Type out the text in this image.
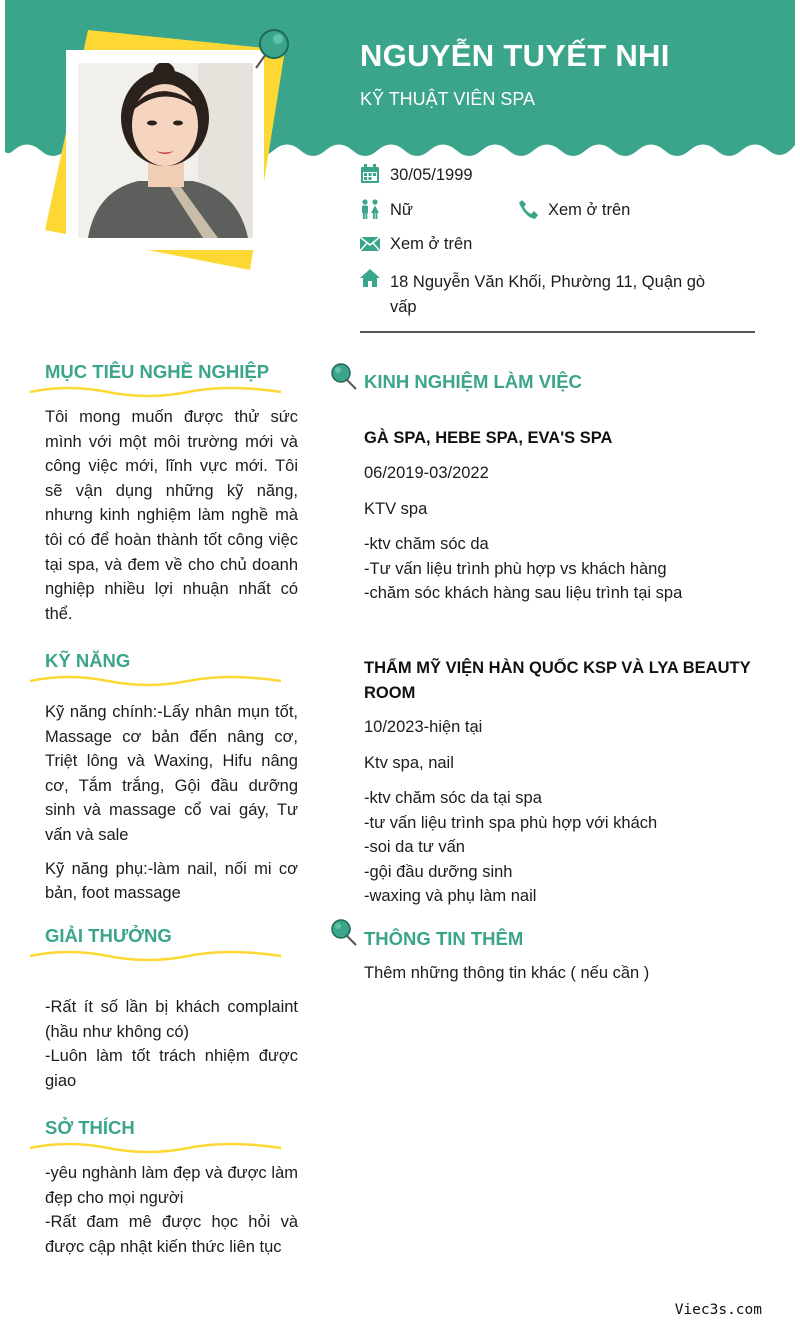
NGUYỄN TUYẾT NHI
KỸ THUẬT VIÊN SPA
30/05/1999
Nữ	Xem ở trên
Xem ở trên
18 Nguyễn Văn Khối, Phường 11, Quận gò vấp
MỤC TIÊU NGHỀ NGHIỆP
Tôi mong muốn được thử sức mình với một môi trường mới và công việc mới, lĩnh vực mới. Tôi sẽ vận dụng những kỹ năng, nhưng kinh nghiệm làm nghề mà tôi có để hoàn thành tốt công việc tại spa, và đem về cho chủ doanh nghiệp nhiều lợi nhuận nhất có thể.
KỸ NĂNG

Kỹ năng chính:-Lấy nhân mụn tốt, Massage cơ bản đến nâng cơ, Triệt lông và Waxing, Hifu nâng cơ, Tắm trắng, Gội đầu dưỡng sinh và massage cổ vai gáy, Tư vấn và sale

Kỹ năng phụ:-làm nail, nối mi cơ bản, foot massage

GIẢI THƯỞNG

-Rất ít số lần bị khách complaint (hầu như không có)

-Luôn làm tốt trách nhiệm được giao

SỞ THÍCH

-yêu nghành làm đẹp và được làm đẹp cho mọi người

-Rất đam mê được học hỏi và được cập nhật kiến thức liên tục

KINH NGHIỆM LÀM VIỆC
GÀ SPA, HEBE SPA, EVA'S SPA
06/2019-03/2022
KTV spa
-ktv chăm sóc da
-Tư vấn liệu trình phù hợp vs khách hàng
-chăm sóc khách hàng sau liệu trình tại spa
THẨM MỸ VIỆN HÀN QUỐC KSP VÀ LYA BEAUTY ROOM
10/2023-hiện tại
Ktv spa, nail
-ktv chăm sóc da tại spa
-tư vấn liệu trình spa phù hợp với khách
-soi da tư vấn
-gội đầu dưỡng sinh
-waxing và phụ làm nail
THÔNG TIN THÊM
Thêm những thông tin khác ( nếu cần )
Viec3s.com
